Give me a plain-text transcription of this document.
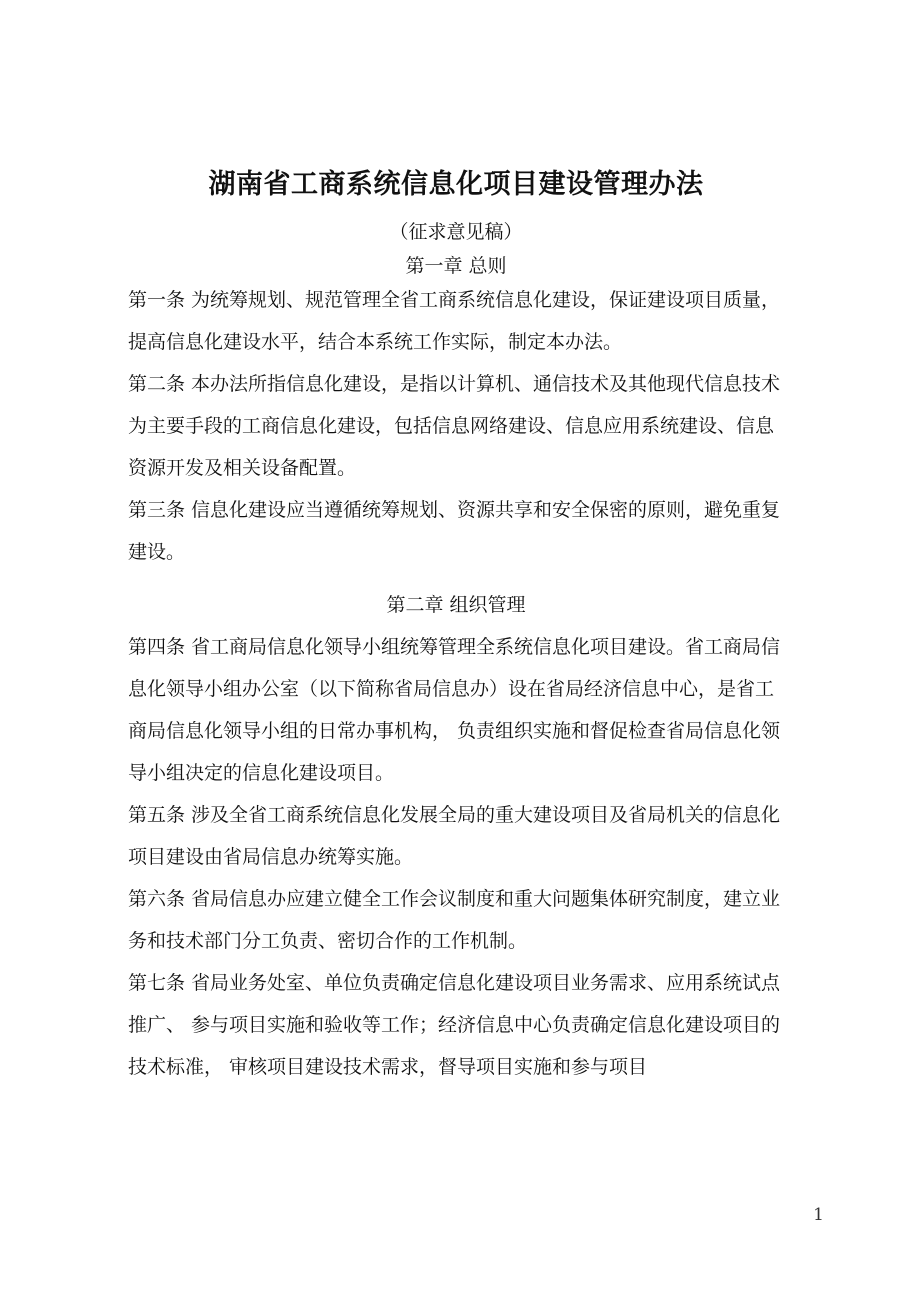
湖南省工商系统信息化项目建设管理办法
（征求意见稿）
第一章 总则

第一条 为统筹规划、规范管理全省工商系统信息化建设，保证建设项目质量，提高信息化建设水平，结合本系统工作实际，制定本办法。

第二条 本办法所指信息化建设，是指以计算机、通信技术及其他现代信息技术为主要手段的工商信息化建设，包括信息网络建设、信息应用系统建设、信息资源开发及相关设备配置。

第三条 信息化建设应当遵循统筹规划、资源共享和安全保密的原则，避免重复建设。

第二章 组织管理

第四条 省工商局信息化领导小组统筹管理全系统信息化项目建设。省工商局信息化领导小组办公室（以下简称省局信息办）设在省局经济信息中心，是省工商局信息化领导小组的日常办事机构， 负责组织实施和督促检查省局信息化领导小组决定的信息化建设项目。

第五条 涉及全省工商系统信息化发展全局的重大建设项目及省局机关的信息化项目建设由省局信息办统筹实施。

第六条 省局信息办应建立健全工作会议制度和重大问题集体研究制度，建立业务和技术部门分工负责、密切合作的工作机制。

第七条 省局业务处室、单位负责确定信息化建设项目业务需求、应用系统试点推广、 参与项目实施和验收等工作；经济信息中心负责确定信息化建设项目的技术标准， 审核项目建设技术需求，督导项目实施和参与项目

1
